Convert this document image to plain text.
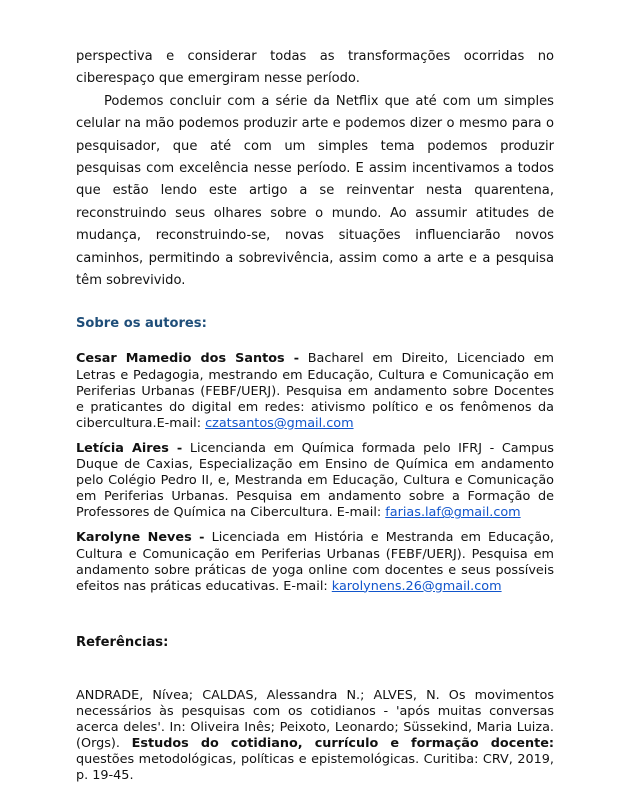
perspectiva e considerar todas as transformações ocorridas no ciberespaço que emergiram nesse período.

Podemos concluir com a série da Netflix que até com um simples celular na mão podemos produzir arte e podemos dizer o mesmo para o pesquisador, que até com um simples tema podemos produzir pesquisas com excelência nesse período. E assim incentivamos a todos que estão lendo este artigo a se reinventar nesta quarentena, reconstruindo seus olhares sobre o mundo. Ao assumir atitudes de mudança, reconstruindo-se, novas situações influenciarão novos caminhos, permitindo a sobrevivência, assim como a arte e a pesquisa têm sobrevivido.

Sobre os autores:

Cesar Mamedio dos Santos - Bacharel em Direito, Licenciado em Letras e Pedagogia, mestrando em Educação, Cultura e Comunicação em Periferias Urbanas (FEBF/UERJ). Pesquisa em andamento sobre Docentes e praticantes do digital em redes: ativismo político e os fenômenos da cibercultura.E-mail: czatsantos@gmail.com

Letícia Aires - Licencianda em Química formada pelo IFRJ - Campus Duque de Caxias, Especialização em Ensino de Química em andamento pelo Colégio Pedro II, e, Mestranda em Educação, Cultura e Comunicação em Periferias Urbanas. Pesquisa em andamento sobre a Formação de Professores de Química na Cibercultura. E-mail: farias.laf@gmail.com

Karolyne Neves - Licenciada em História e Mestranda em Educação, Cultura e Comunicação em Periferias Urbanas (FEBF/UERJ). Pesquisa em andamento sobre práticas de yoga online com docentes e seus possíveis efeitos nas práticas educativas. E-mail: karolynens.26@gmail.com

Referências:

ANDRADE, Nívea; CALDAS, Alessandra N.; ALVES, N. Os movimentos necessários às pesquisas com os cotidianos - 'após muitas conversas acerca deles'. In: Oliveira Inês; Peixoto, Leonardo; Süssekind, Maria Luiza. (Orgs). Estudos do cotidiano, currículo e formação docente: questões metodológicas, políticas e epistemológicas. Curitiba: CRV, 2019, p. 19-45.
